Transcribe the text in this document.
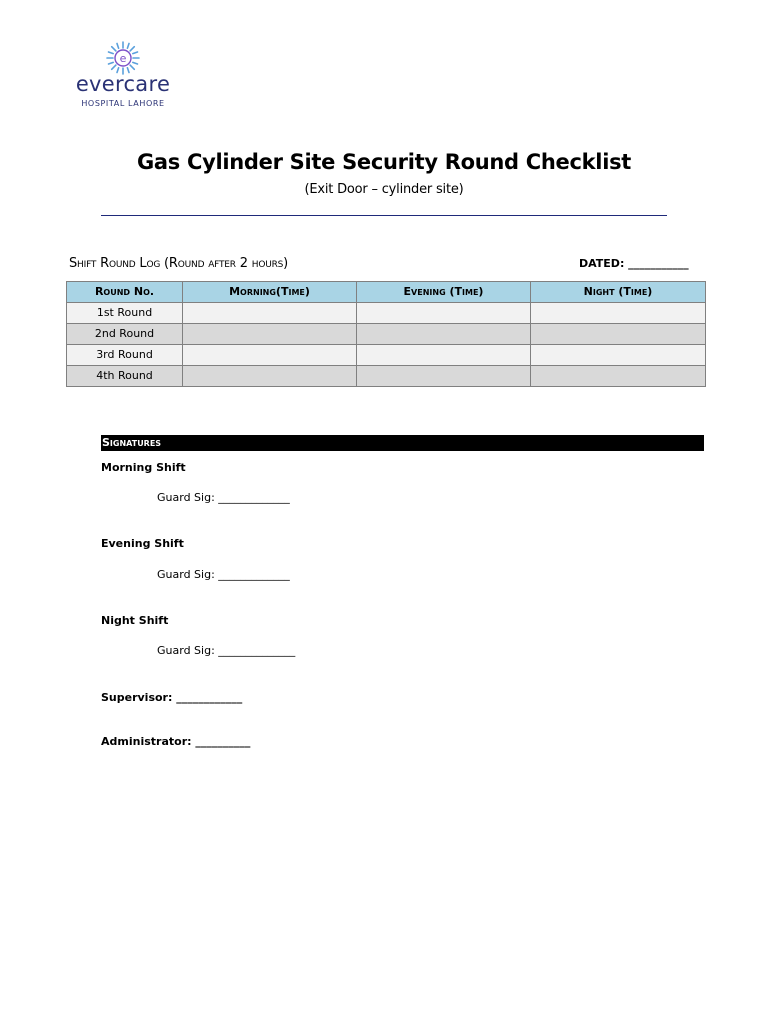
e
evercare
HOSPITAL LAHORE
Gas Cylinder Site Security Round Checklist
(Exit Door – cylinder site)
Shift Round Log (Round after 2 hours)	DATED: ___________
Round No.	Morning(Time)	Evening (Time)	Night (Time)
1st Round			
2nd Round			
3rd Round			
4th Round			
Signatures
Morning Shift
Guard Sig: _____________
Evening Shift
Guard Sig: _____________
Night Shift
Guard Sig: ______________
Supervisor: ____________
Administrator: __________
